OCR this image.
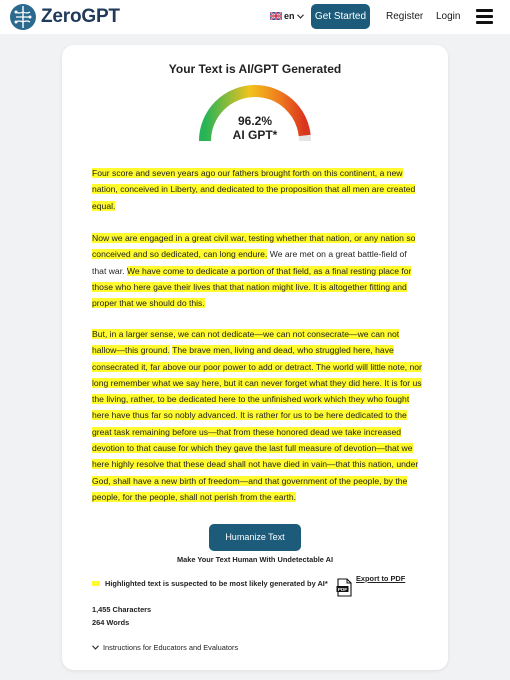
ZeroGPT	en	Get Started	Register Login
Your Text is AI/GPT Generated
96.2%
AI GPT*
Four score and seven years ago our fathers brought forth on this continent, a new nation, conceived in Liberty, and dedicated to the proposition that all men are created equal.
Now we are engaged in a great civil war, testing whether that nation, or any nation so conceived and so dedicated, can long endure. We are met on a great battle-field of that war. We have come to dedicate a portion of that field, as a final resting place for those who here gave their lives that that nation might live. It is altogether fitting and proper that we should do this.
But, in a larger sense, we can not dedicate—we can not consecrate—we can not hallow—this ground. The brave men, living and dead, who struggled here, have consecrated it, far above our poor power to add or detract. The world will little note, nor long remember what we say here, but it can never forget what they did here. It is for us the living, rather, to be dedicated here to the unfinished work which they who fought here have thus far so nobly advanced. It is rather for us to be here dedicated to the great task remaining before us—that from these honored dead we take increased devotion to that cause for which they gave the last full measure of devotion—that we here highly resolve that these dead shall not have died in vain—that this nation, under God, shall have a new birth of freedom—and that government of the people, by the people, for the people, shall not perish from the earth.
Humanize Text
Make Your Text Human With Undetectable AI
Highlighted text is suspected to be most likely generated by AI*
1,455 Characters
264 Words
PDF
Export to PDF
Instructions for Educators and Evaluators
